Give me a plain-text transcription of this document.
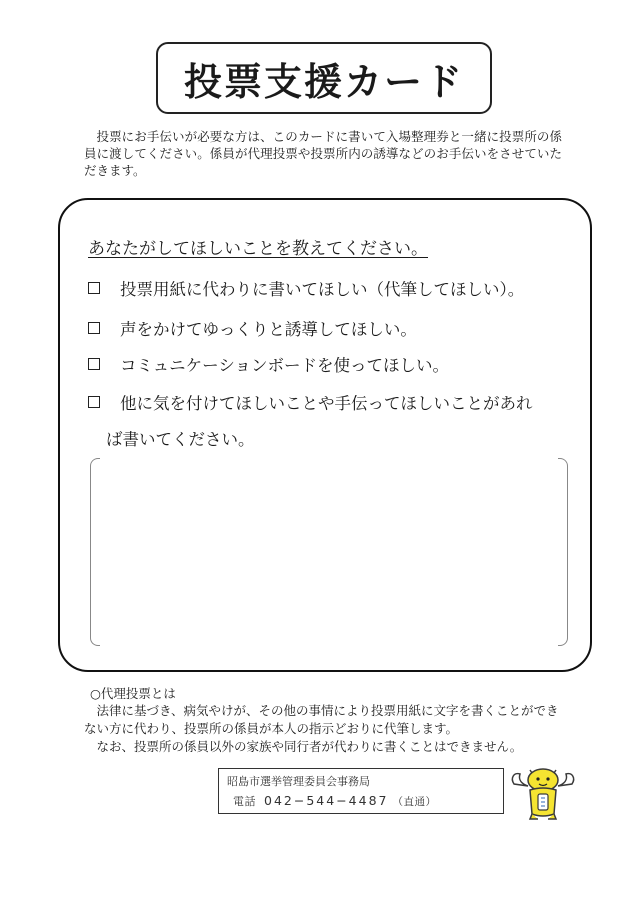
投票支援カード
投票にお手伝いが必要な方は、このカードに書いて入場整理券と一緒に投票所の係員に渡してください。係員が代理投票や投票所内の誘導などのお手伝いをさせていただきます。
あなたがしてほしいことを教えてください。
投票用紙に代わりに書いてほしい（代筆してほしい）。
声をかけてゆっくりと誘導してほしい。
コミュニケーションボードを使ってほしい。
他に気を付けてほしいことや手伝ってほしいことがあれ
ば書いてください。
○代理投票とは

法律に基づき、病気やけが、その他の事情により投票用紙に文字を書くことができない方に代わり、投票所の係員が本人の指示どおりに代筆します。

なお、投票所の係員以外の家族や同行者が代わりに書くことはできません。

昭島市選挙管理委員会事務局
電話 042−544−4487 （直通）
